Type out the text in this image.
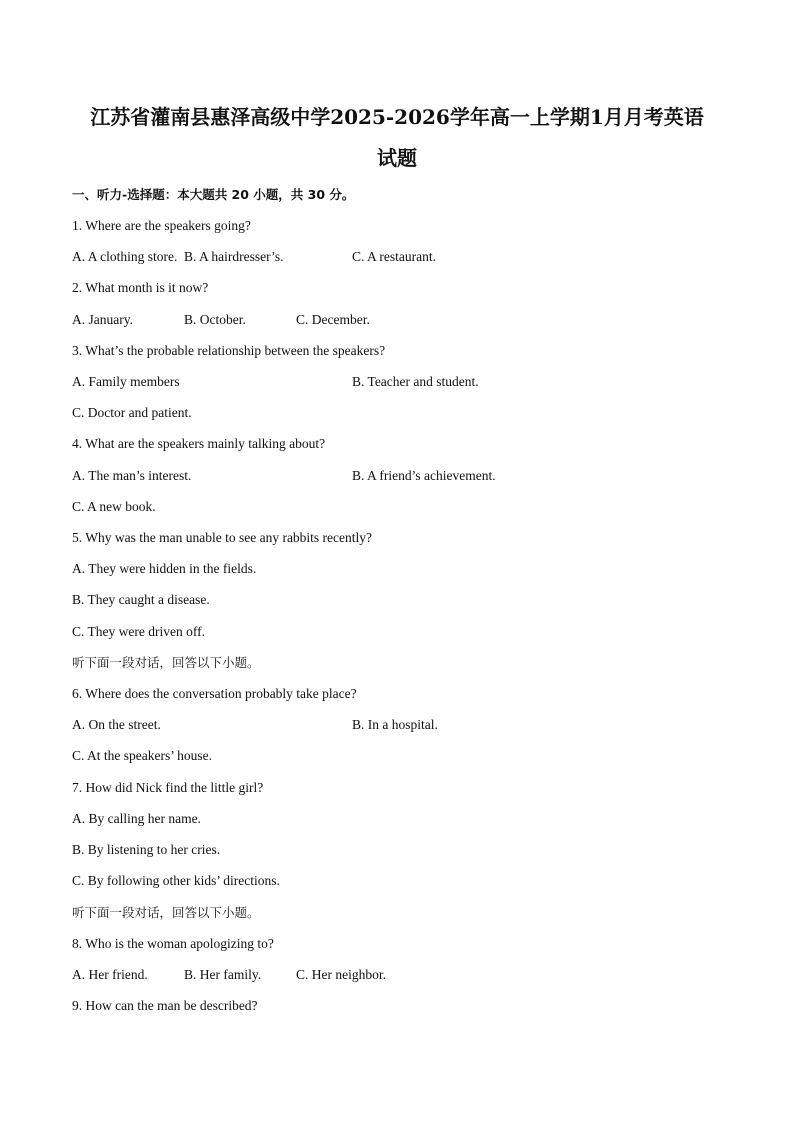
江苏省灌南县惠泽高级中学2025-2026学年高一上学期1月月考英语
试题
一、听力-选择题：本大题共 20 小题，共 30 分。
1. Where are the speakers going?
A. A clothing store. B. A hairdresser’s.	C. A restaurant.
2. What month is it now?
A. January.	B. October.	C. December.
3. What’s the probable relationship between the speakers?
A. Family members	B. Teacher and student.
C. Doctor and patient.
4. What are the speakers mainly talking about?
A. The man’s interest.	B. A friend’s achievement.
C. A new book.
5. Why was the man unable to see any rabbits recently?
A. They were hidden in the fields.
B. They caught a disease.
C. They were driven off.
听下面一段对话，回答以下小题。
6. Where does the conversation probably take place?
A. On the street.	B. In a hospital.
C. At the speakers’ house.
7. How did Nick find the little girl?
A. By calling her name.
B. By listening to her cries.
C. By following other kids’ directions.
听下面一段对话，回答以下小题。
8. Who is the woman apologizing to?
A. Her friend.	B. Her family.	C. Her neighbor.
9. How can the man be described?
